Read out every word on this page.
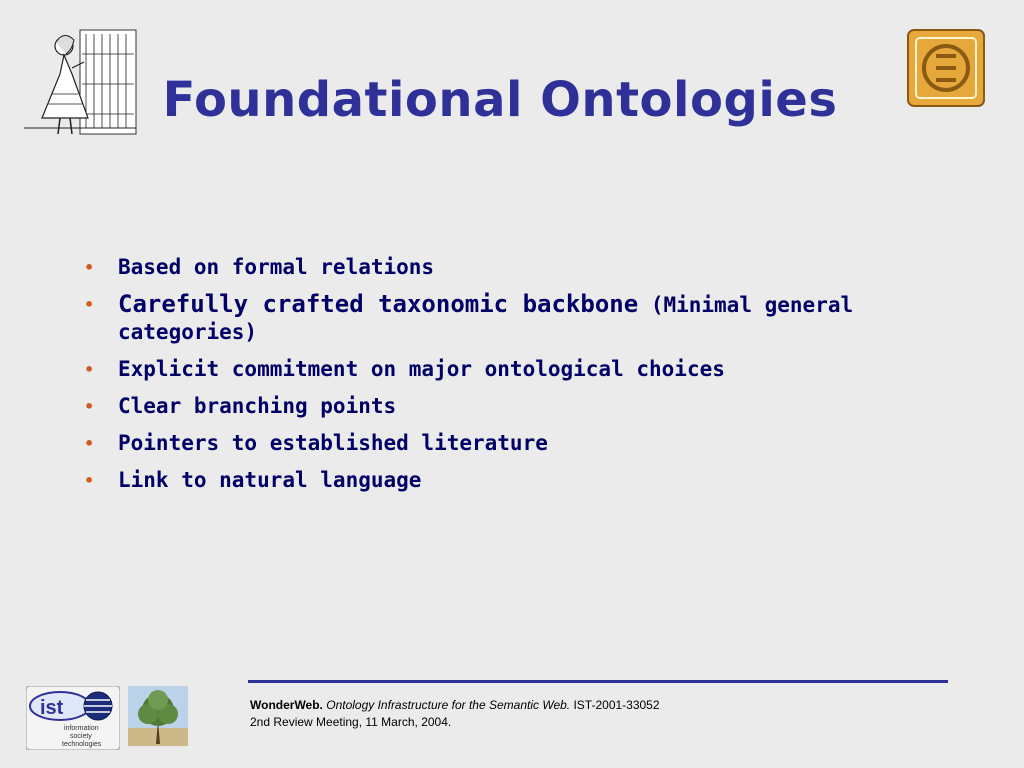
Foundational Ontologies
• Based on formal relations
• Carefully crafted taxonomic backbone (Minimal general categories)
• Explicit commitment on major ontological choices
• Clear branching points
• Pointers to established literature
• Link to natural language
WonderWeb. Ontology Infrastructure for the Semantic Web. IST-2001-33052
2nd Review Meeting, 11 March, 2004.
ist
information
society
technologies
